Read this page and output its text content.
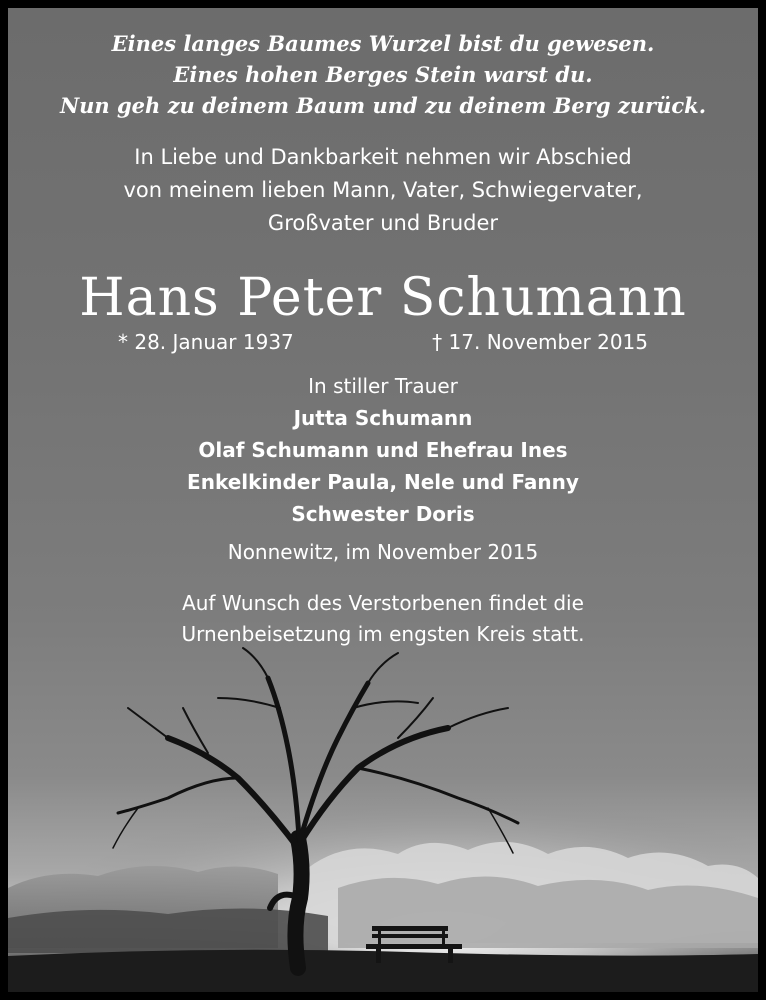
Eines langes Baumes Wurzel bist du gewesen.
Eines hohen Berges Stein warst du.
Nun geh zu deinem Baum und zu deinem Berg zurück.
In Liebe und Dankbarkeit nehmen wir Abschied
von meinem lieben Mann, Vater, Schwiegervater,
Großvater und Bruder
Hans Peter Schumann
* 28. Januar 1937	† 17. November 2015
In stiller Trauer
Jutta Schumann
Olaf Schumann und Ehefrau Ines
Enkelkinder Paula, Nele und Fanny
Schwester Doris
Nonnewitz, im November 2015
Auf Wunsch des Verstorbenen findet die
Urnenbeisetzung im engsten Kreis statt.
